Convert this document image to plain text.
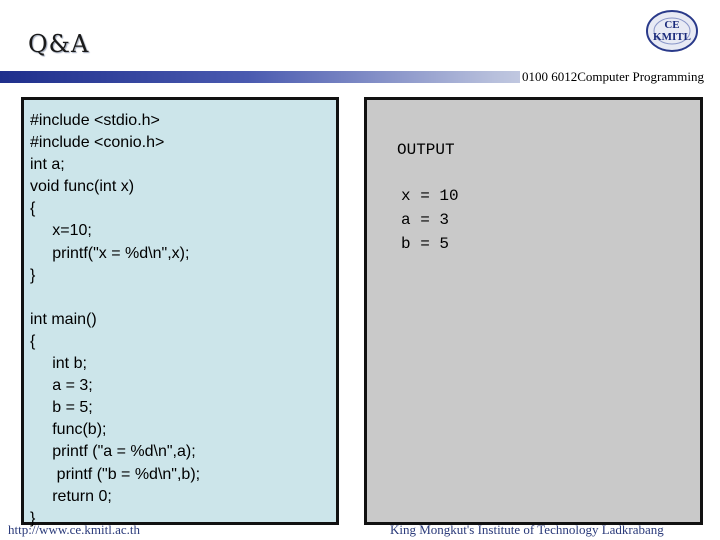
Q&A
CE
KMITL
0100 6012Computer Programming
#include <stdio.h>
#include <conio.h>
int a;
void func(int x)
{
x=10;
printf("x = %d\n",x);
}

int main()
{
int b;
a = 3;
b = 5;
func(b);
printf ("a = %d\n",a);
printf ("b = %d\n",b);
return 0;
}
OUTPUT
x = 10
a = 3
b = 5
http://www.ce.kmitl.ac.th	King Mongkut's Institute of Technology Ladkrabang
